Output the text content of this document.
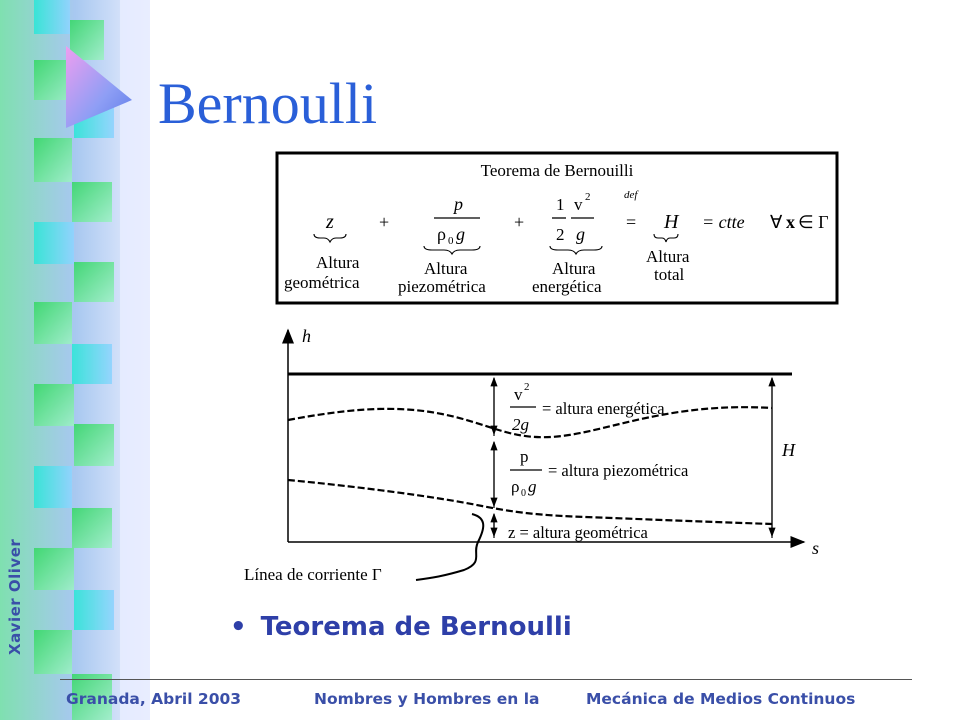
Xavier Oliver
Bernoulli
Teorema de Bernouilli
z	+
p
ρ 0 g
+
1
2
v 2
g
def
= H = ctte ∀ x ∈ Γ
Altura
geométrica
Altura
piezométrica
Altura
energética
Altura
total
h
s
H
v 2
2g
= altura energética
p
ρ 0 g
= altura piezométrica
z = altura geométrica
Línea de corriente Γ
• Teorema de Bernoulli
Granada, Abril 2003	Nombres y Hombres en la	Mecánica de Medios Continuos
